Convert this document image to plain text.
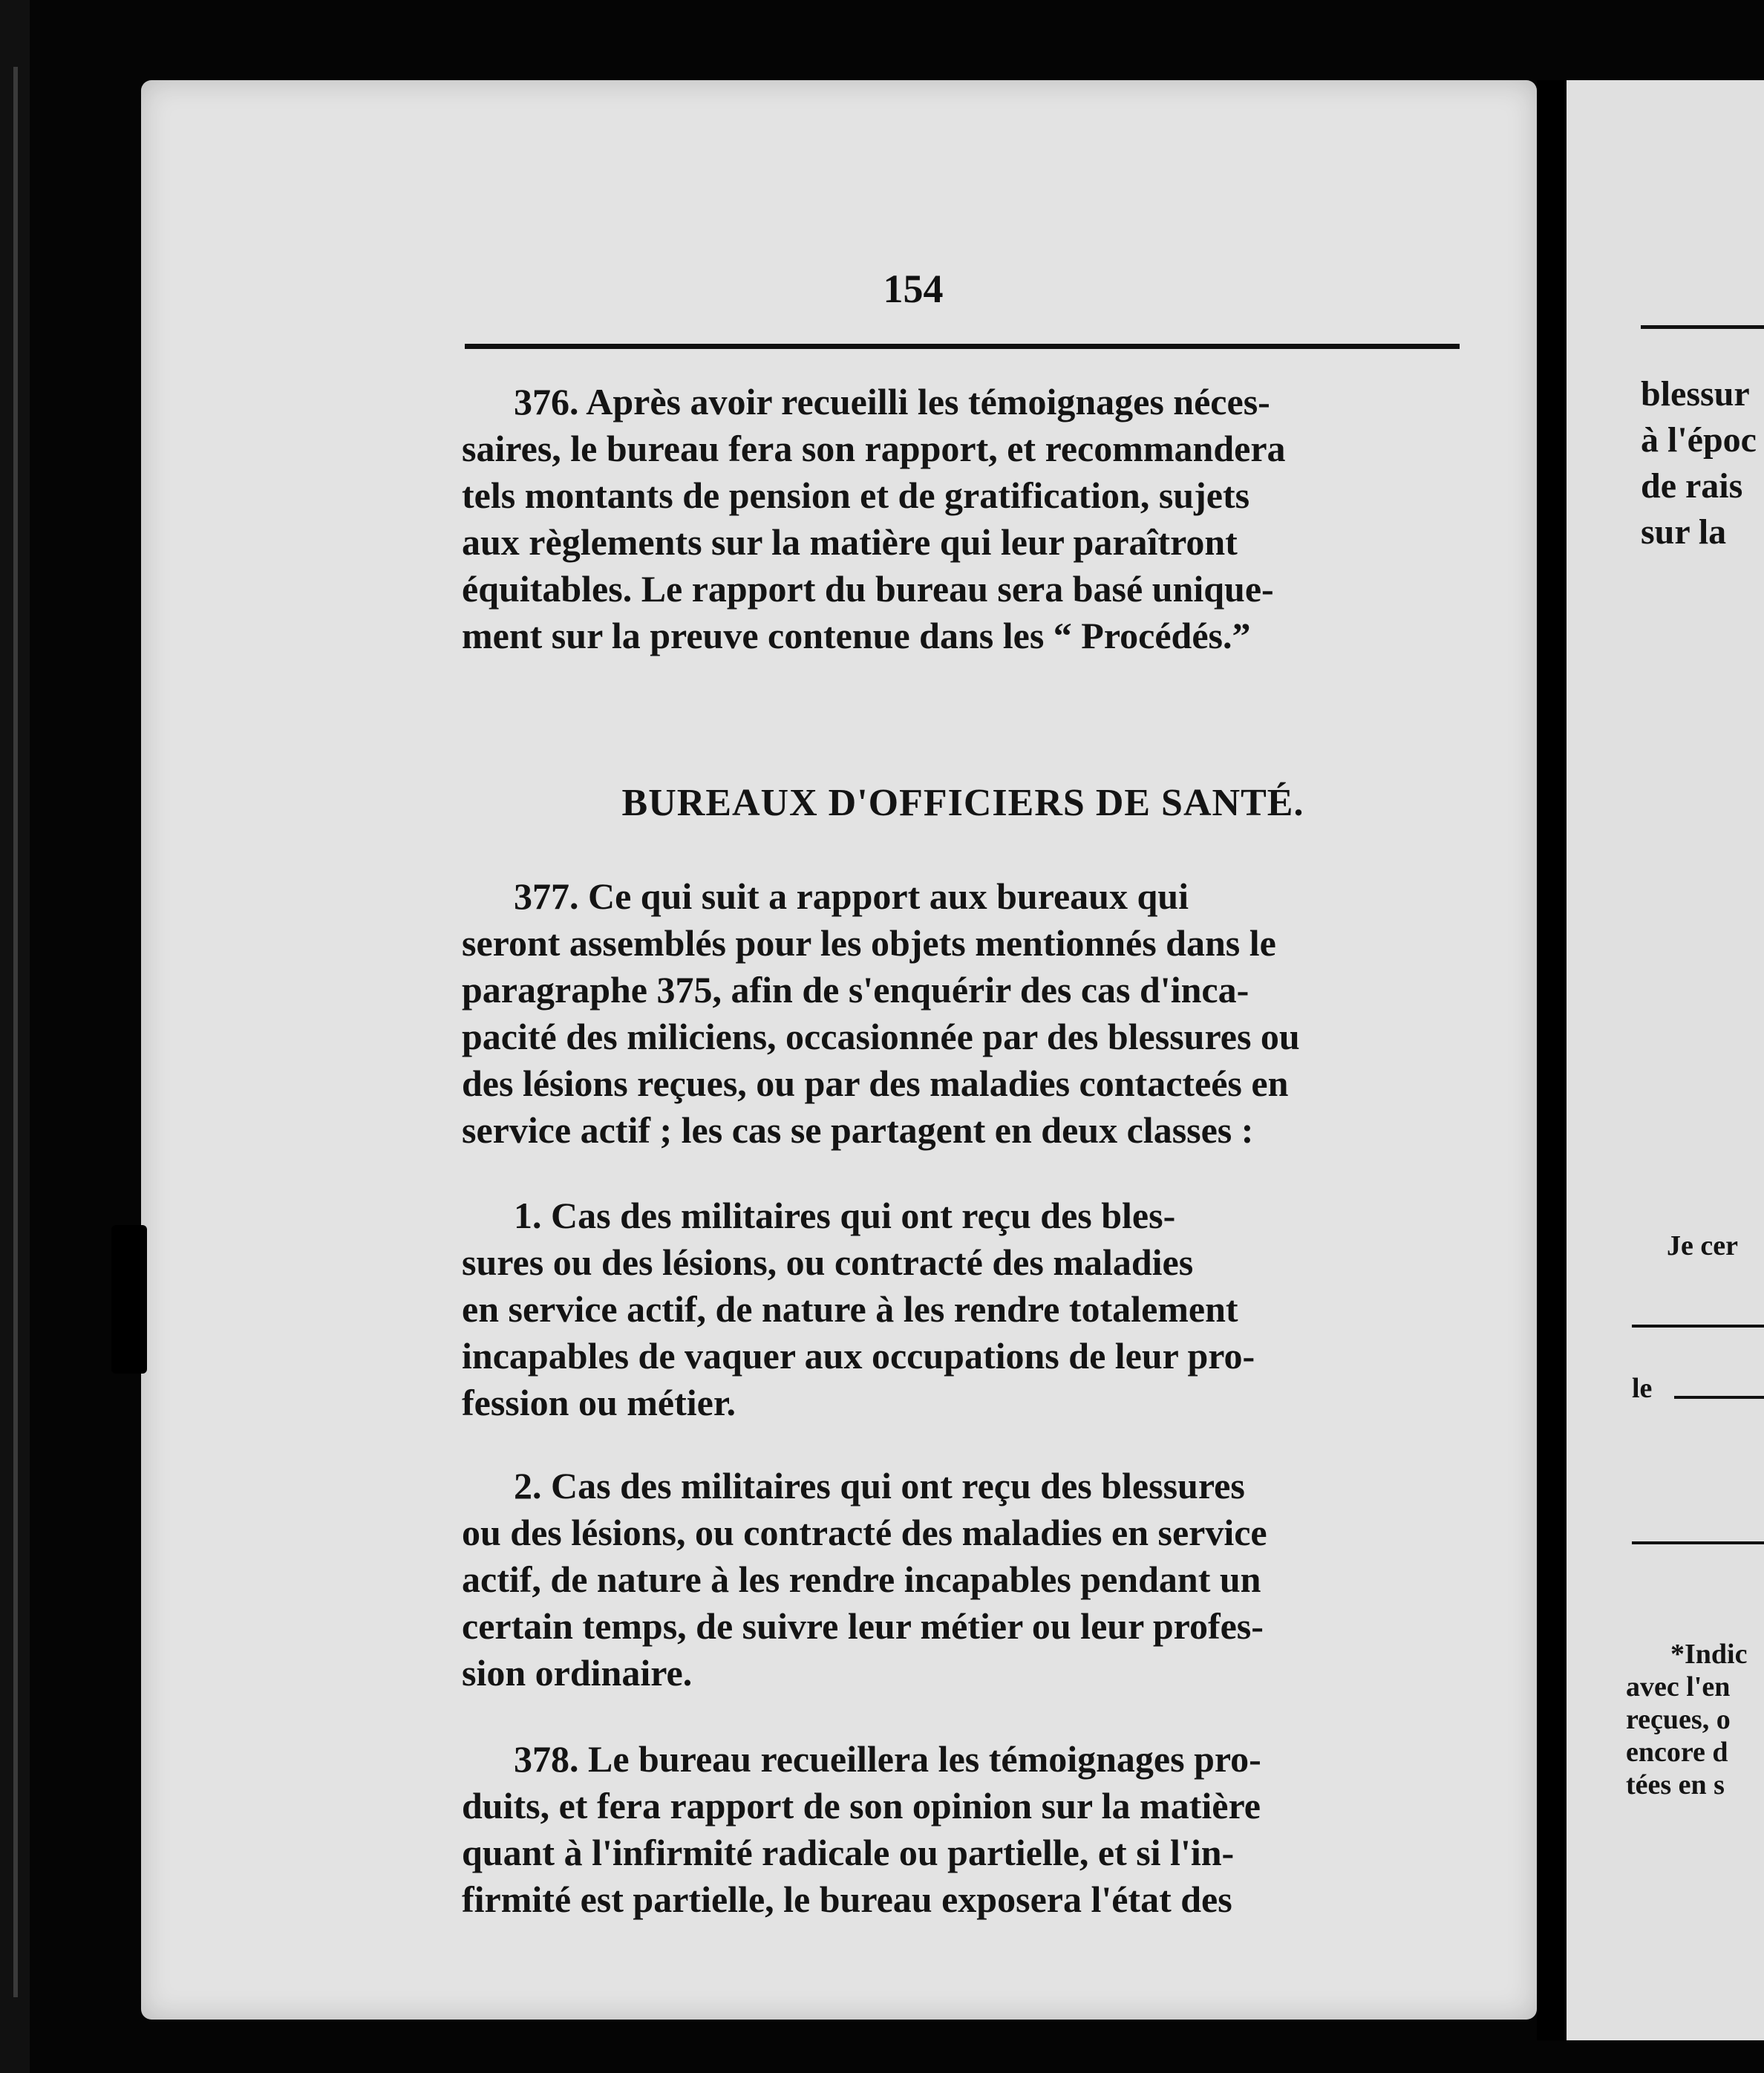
154

376. Après avoir recueilli les témoignages néces-

saires, le bureau fera son rapport, et recommandera

tels montants de pension et de gratification, sujets

aux règlements sur la matière qui leur paraîtront

équitables. Le rapport du bureau sera basé unique-

ment sur la preuve contenue dans les “ Procédés.”

BUREAUX D'OFFICIERS DE SANTÉ.

377. Ce qui suit a rapport aux bureaux qui

seront assemblés pour les objets mentionnés dans le

paragraphe 375, afin de s'enquérir des cas d'inca-

pacité des miliciens, occasionnée par des blessures ou

des lésions reçues, ou par des maladies contacteés en

service actif ; les cas se partagent en deux classes :

1. Cas des militaires qui ont reçu des bles-

sures ou des lésions, ou contracté des maladies

en service actif, de nature à les rendre totalement

incapables de vaquer aux occupations de leur pro-

fession ou métier.

2. Cas des militaires qui ont reçu des blessures

ou des lésions, ou contracté des maladies en service

actif, de nature à les rendre incapables pendant un

certain temps, de suivre leur métier ou leur profes-

sion ordinaire.

378. Le bureau recueillera les témoignages pro-

duits, et fera rapport de son opinion sur la matière

quant à l'infirmité radicale ou partielle, et si l'in-

firmité est partielle, le bureau exposera l'état des

blessur
à l'époc
de rais
sur la
Je cer
le
*Indic
avec l'en
reçues, o
encore d
tées en s
